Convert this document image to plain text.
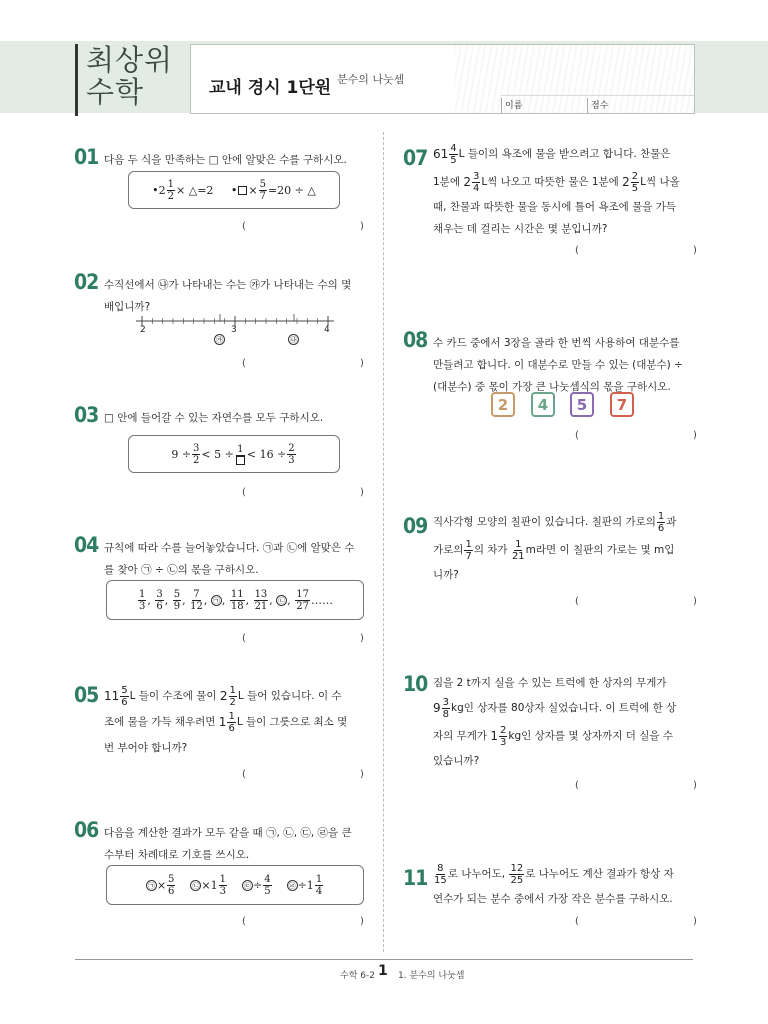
최상위
수학	교내 경시 1단원 분수의 나눗셈
이름	점수
01 다음 두 식을 만족하는 □ 안에 알맞은 수를 구하시오.
•2 $\frac{1}{2}$ × △=2     • × $\frac{5}{7} =20$ ÷ △
(	)
02 수직선에서 ㉯가 나타내는 수는 ㉮가 나타내는 수의 몇
배입니까?
2	3	4
㉮	㉯
(	)
03 □ 안에 들어갈 수 있는 자연수를 모두 구하시오.
$9 \div \frac{3}{2} < 5 \div 1 < 16 \div \frac{2}{3}$
(	)
04 규칙에 따라 수를 늘어놓았습니다. ㉠과 ㉡에 알맞은 수
를 찾아 ㉠ ÷ ㉡의 몫을 구하시오.
$\frac{1}{3}$ , $\frac{3}{6}$ , $\frac{5}{9}$ , $\frac{7}{12}$ , ㉠ , $\frac{11}{18}$ , $\frac{13}{21}$ , ㉡ , $\frac{17}{27}$ ……
(	)
05 $11 \frac{5}{6}$ L 들이 수조에 물이 $2 \frac{1}{2}$ L 들어 있습니다. 이 수
조에 물을 가득 채우려면 $1 \frac{1}{6}$ L 들이 그릇으로 최소 몇
번 부어야 합니까?
(	)
06 다음을 계산한 결과가 모두 같을 때 ㉠, ㉡, ㉢, ㉣을 큰
수부터 차례대로 기호를 쓰시오.
㉠ × $\frac{5}{6}$
㉡ $\times 1 \frac{1}{3}$
㉢ ÷ $\frac{4}{5}$
㉣ $\div 1 \frac{1}{4}$
(	)
07 $61 \frac{4}{5}$ L 들이의 욕조에 물을 받으려고 합니다. 찬물은
1분에 $2 \frac{3}{4}$ L씩 나오고 따뜻한 물은 1분에 $2 \frac{2}{5}$ L씩 나올
때, 찬물과 따뜻한 물을 동시에 틀어 욕조에 물을 가득
채우는 데 걸리는 시간은 몇 분입니까?
(	)
08 수 카드 중에서 3장을 골라 한 번씩 사용하여 대분수를
만들려고 합니다. 이 대분수로 만들 수 있는 (대분수) ÷
(대분수) 중 몫이 가장 큰 나눗셈식의 몫을 구하시오.
2	4	5	7
(	)
09 직사각형 모양의 칠판이 있습니다. 칠판의 가로의 $\frac{1}{6}$ 과
가로의 $\frac{1}{7}$ 의 차가 $\frac{1}{21}$ m라면 이 칠판의 가로는 몇 m입
니까?
(	)
10 짐을 2 t까지 실을 수 있는 트럭에 한 상자의 무게가
$9 \frac{3}{8}$ kg인 상자를 80상자 실었습니다. 이 트럭에 한 상
자의 무게가 $1 \frac{2}{3}$ kg인 상자를 몇 상자까지 더 실을 수
있습니까?
(	)
$11 \frac{8}{15}$ 로 나누어도, $\frac{12}{25}$ 로 나누어도 계산 결과가 항상 자
연수가 되는 분수 중에서 가장 작은 분수를 구하시오.
(	)
수학 6-2 1 1. 분수의 나눗셈
